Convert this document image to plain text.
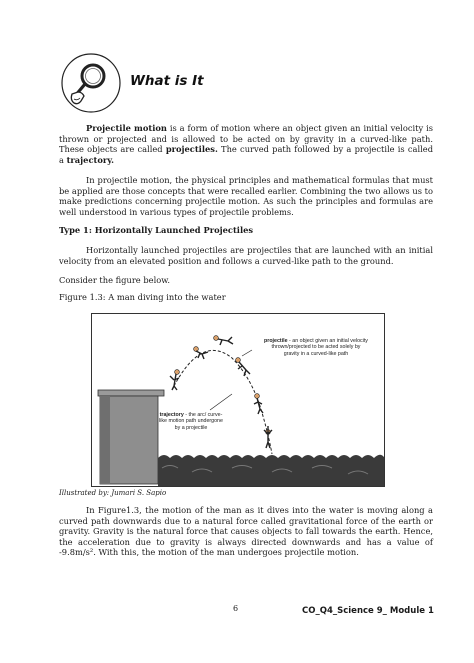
What is It
Projectile motion is a form of motion where an object given an initial velocity is thrown or projected and is allowed to be acted on by gravity in a curved-like path. These objects are called projectiles. The curved path followed by a projectile is called a trajectory.
In projectile motion, the physical principles and mathematical formulas that must be applied are those concepts that were recalled earlier. Combining the two allows us to make predictions concerning projectile motion. As such the principles and formulas are well understood in various types of projectile problems.
Type 1: Horizontally Launched Projectiles
Horizontally launched projectiles are projectiles that are launched with an initial velocity from an elevated position and follows a curved-like path to the ground.
Consider the figure below.
Figure 1.3: A man diving into the water
projectile - an object given an initial velocity thrown/projected to be acted solely by gravity in a curved-like path
trajectory - the arc/ curve-like motion path undergone by a projectile
Illustrated by: Jumari S. Sapio
In Figure1.3, the motion of the man as it dives into the water is moving along a curved path downwards due to a natural force called gravitational force of the earth or gravity. Gravity is the natural force that causes objects to fall towards the earth. Hence, the acceleration due to gravity is always directed downwards and has a value of -9.8m/s². With this, the motion of the man undergoes projectile motion.
6	CO_Q4_Science 9_ Module 1
